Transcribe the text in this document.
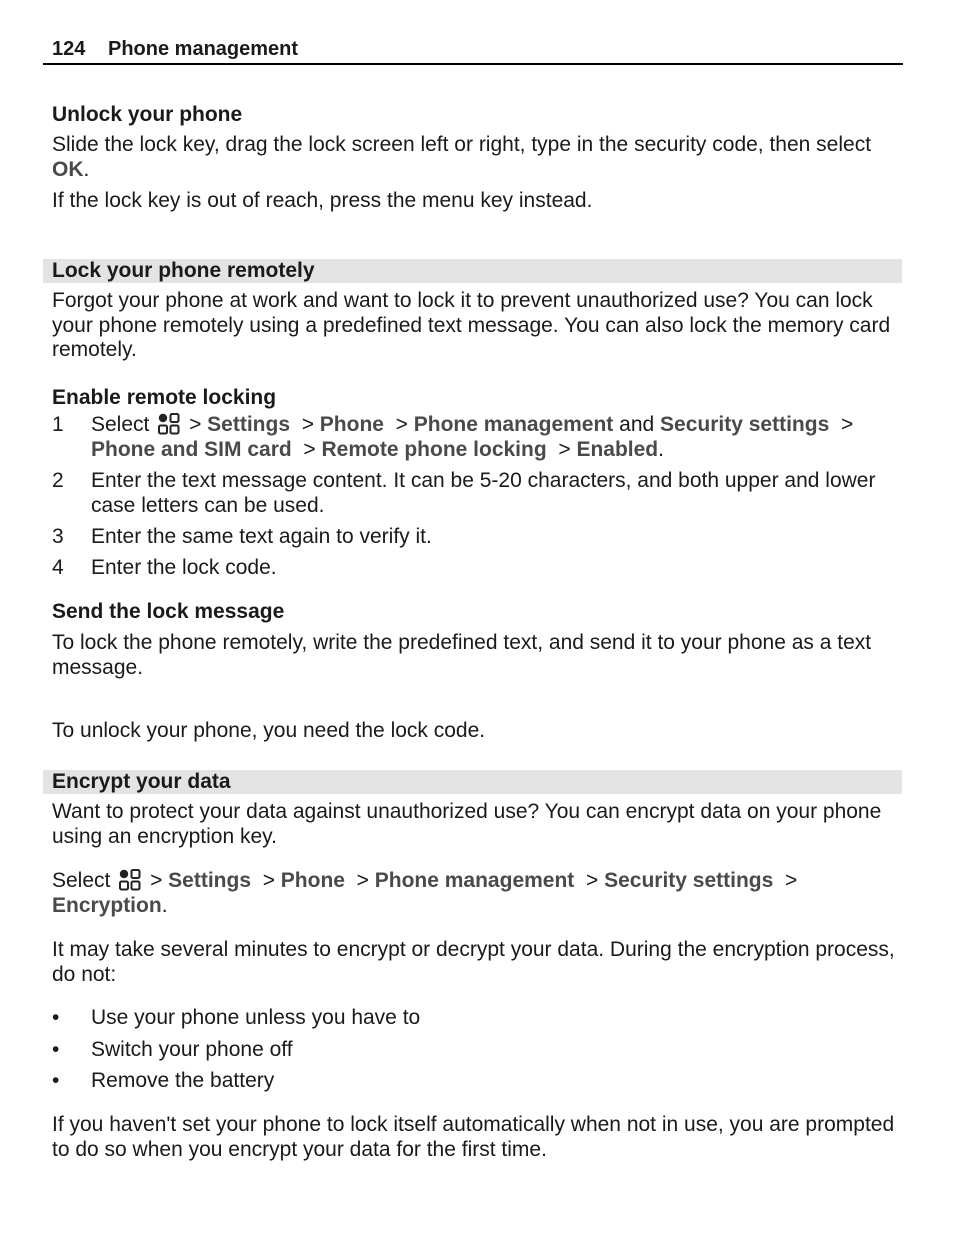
124 Phone management
Unlock your phone
Slide the lock key, drag the lock screen left or right, type in the security code, then select OK.
If the lock key is out of reach, press the menu key instead.
Lock your phone remotely
Forgot your phone at work and want to lock it to prevent unauthorized use? You can lock your phone remotely using a predefined text message. You can also lock the memory card remotely.
Enable remote locking
1 Select > Settings > Phone > Phone management and Security settings > Phone and SIM card > Remote phone locking > Enabled.
2 Enter the text message content. It can be 5-20 characters, and both upper and lower case letters can be used.
3 Enter the same text again to verify it.
4 Enter the lock code.
Send the lock message
To lock the phone remotely, write the predefined text, and send it to your phone as a text message.
To unlock your phone, you need the lock code.
Encrypt your data
Want to protect your data against unauthorized use? You can encrypt data on your phone using an encryption key.
Select > Settings > Phone > Phone management > Security settings > Encryption.
It may take several minutes to encrypt or decrypt your data. During the encryption process, do not:
• Use your phone unless you have to
• Switch your phone off
• Remove the battery
If you haven't set your phone to lock itself automatically when not in use, you are prompted to do so when you encrypt your data for the first time.
